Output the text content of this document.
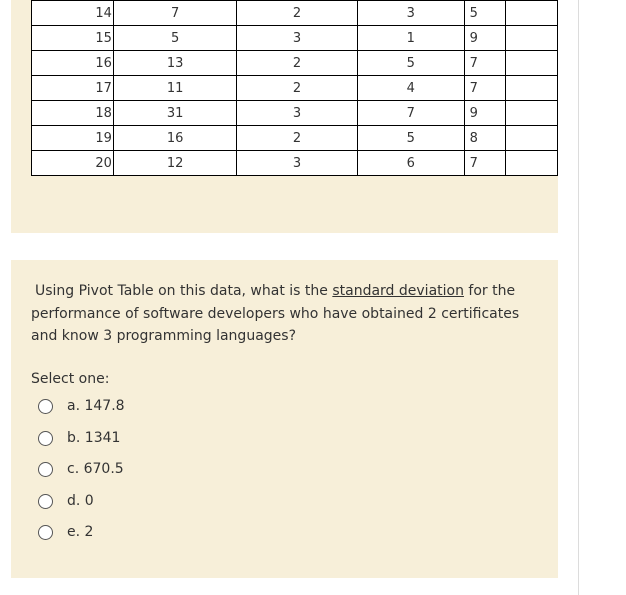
14	7	2	3	5	
15	5	3	1	9	
16	13	2	5	7	
17	11	2	4	7	
18	31	3	7	9	
19	16	2	5	8	
20	12	3	6	7	
Using Pivot Table on this data, what is the standard deviation for the performance of software developers who have obtained 2 certificates and know 3 programming languages?
Select one:
a. 147.8
b. 1341
c. 670.5
d. 0
e. 2
